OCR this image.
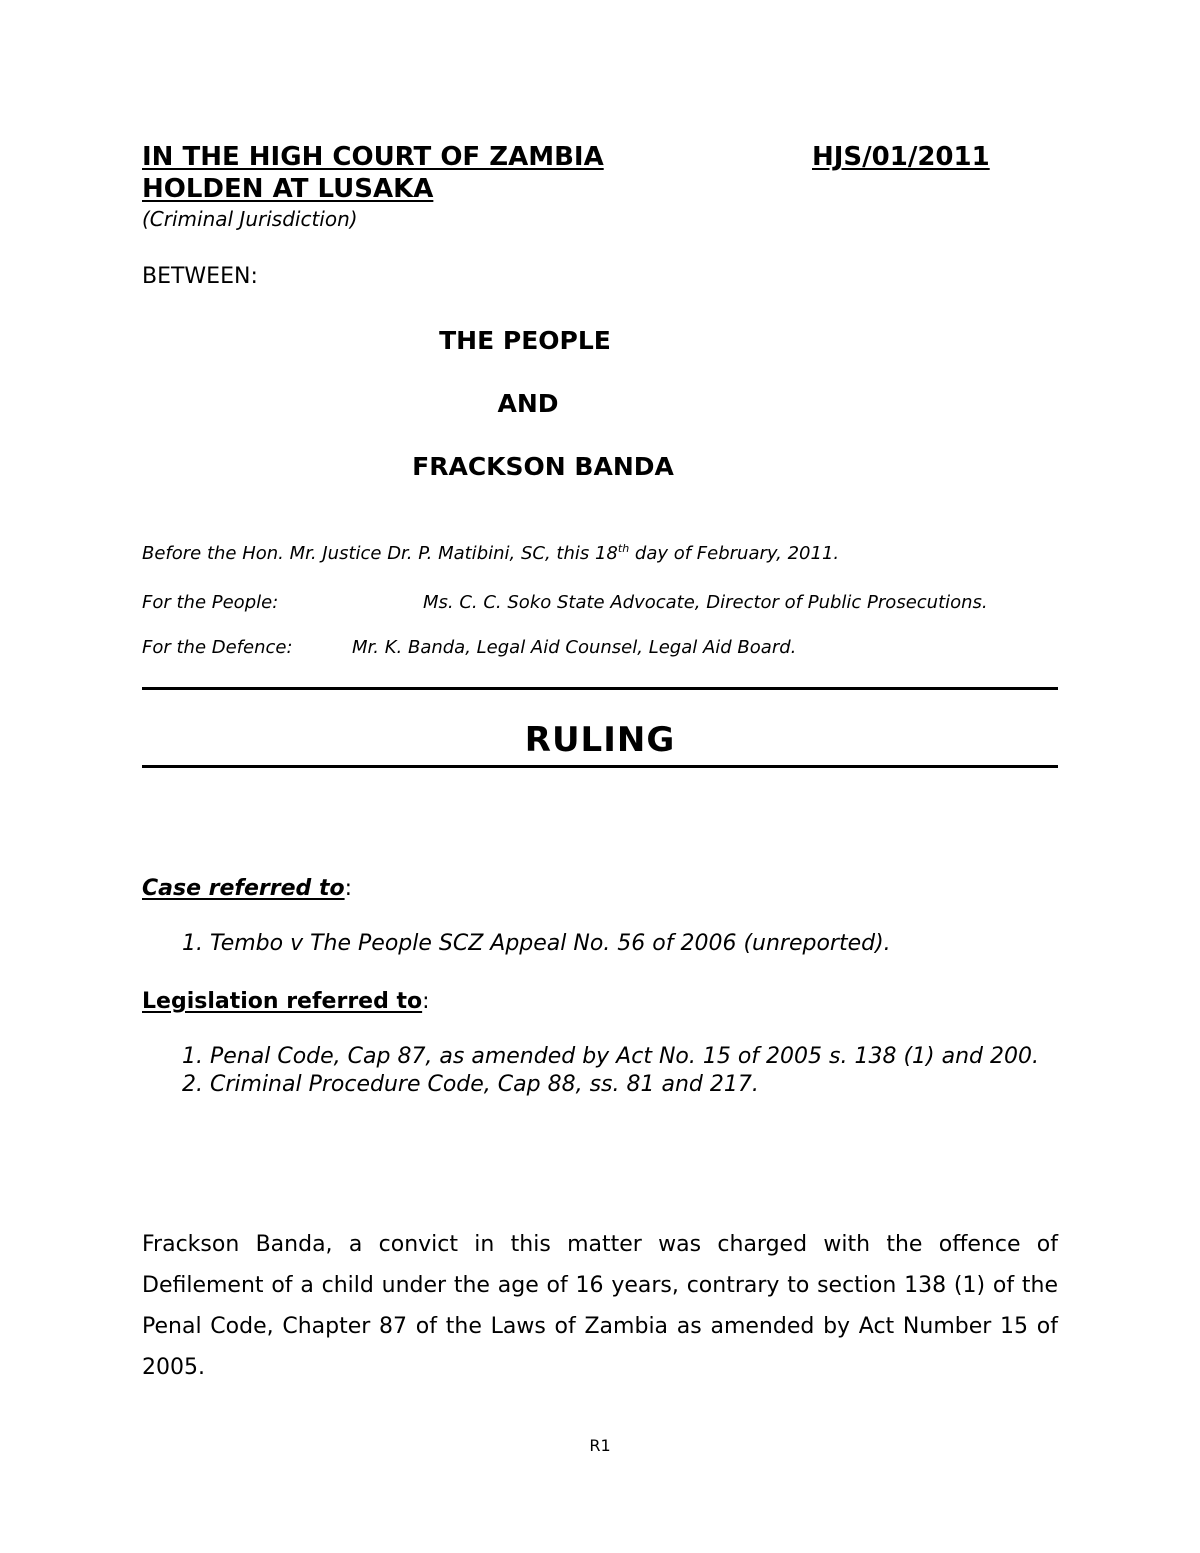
IN THE HIGH COURT OF ZAMBIA	HJS/01/2011
HOLDEN AT LUSAKA
(Criminal Jurisdiction)
BETWEEN:
THE PEOPLE
AND
FRACKSON BANDA
Before the Hon. Mr. Justice Dr. P. Matibini, SC, this 18th day of February, 2011.
For the People:	Ms. C. C. Soko State Advocate, Director of Public Prosecutions.
For the Defence:	Mr. K. Banda, Legal Aid Counsel, Legal Aid Board.
RULING
Case referred to:
1. Tembo v The People SCZ Appeal No. 56 of 2006 (unreported).
Legislation referred to:
1. Penal Code, Cap 87, as amended by Act No. 15 of 2005 s. 138 (1) and 200.
2. Criminal Procedure Code, Cap 88, ss. 81 and 217.
Frackson Banda, a convict in this matter was charged with the offence of Defilement of a child under the age of 16 years, contrary to section 138 (1) of the Penal Code, Chapter 87 of the Laws of Zambia as amended by Act Number 15 of 2005.
R1
